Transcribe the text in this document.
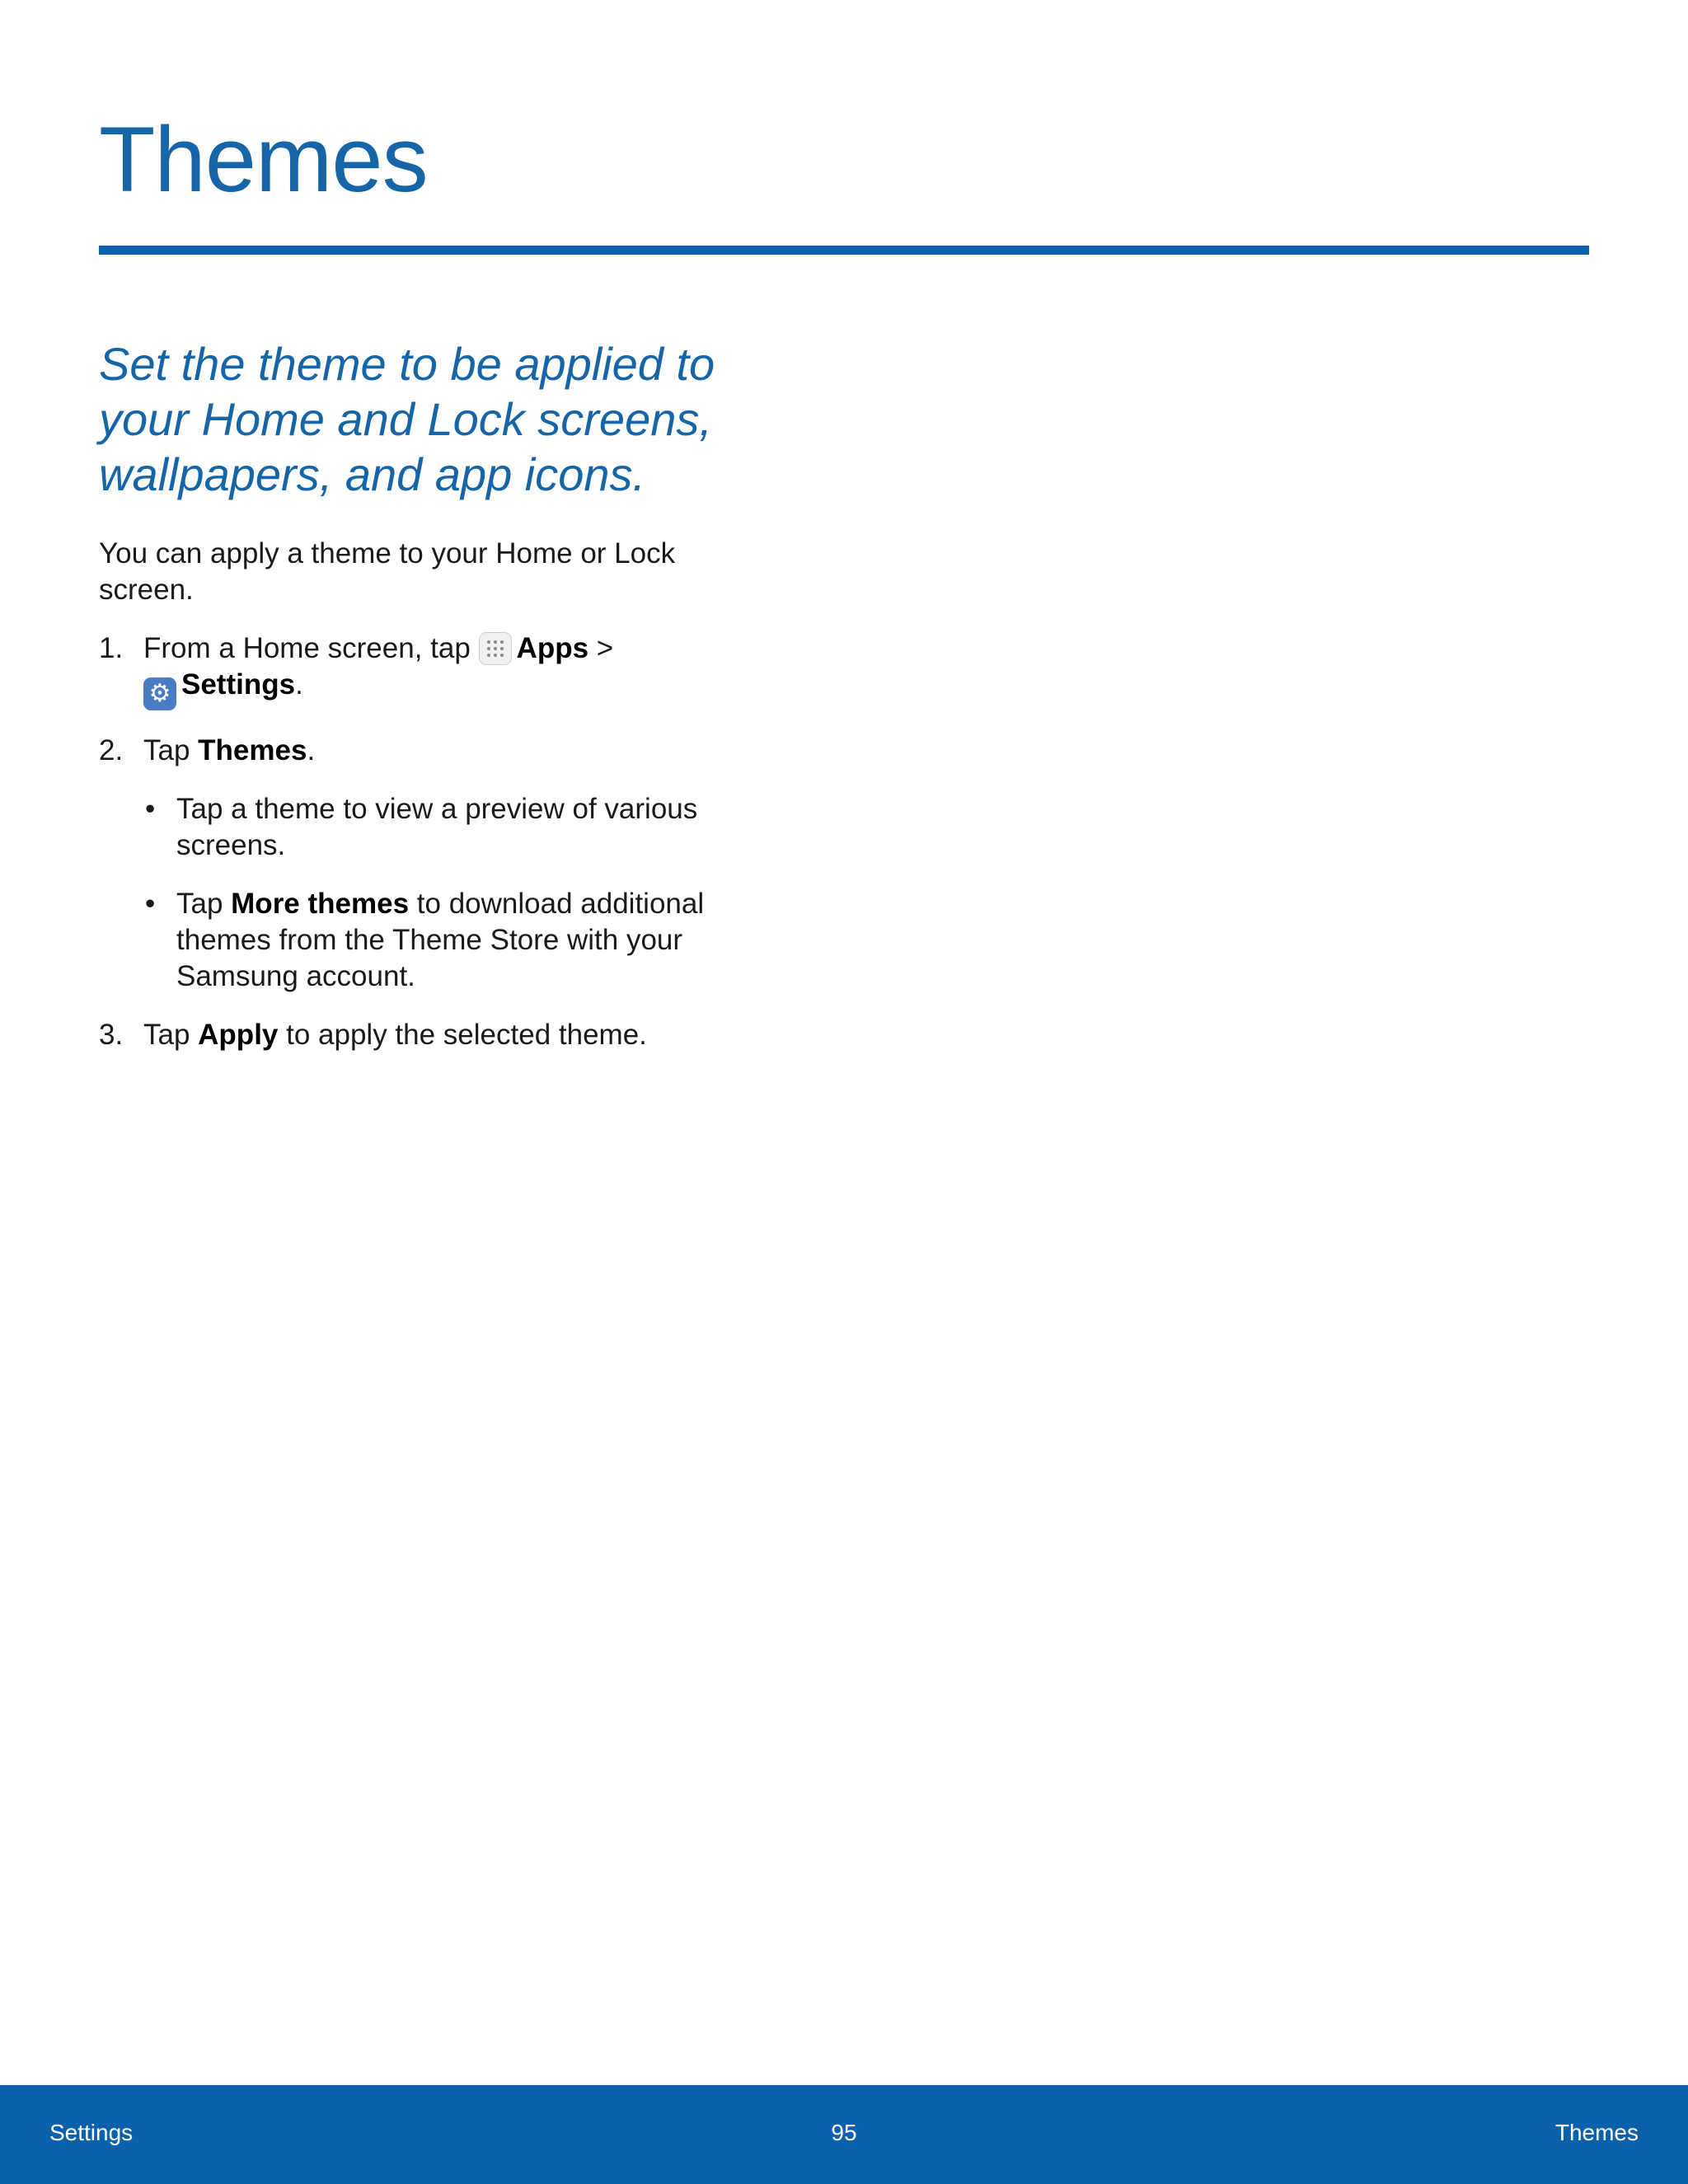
Themes
Set the theme to be applied to your Home and Lock screens, wallpapers, and app icons.

You can apply a theme to your Home or Lock screen.

1. From a Home screen, tap
Apps >
⚙ Settings.
2. Tap Themes.
• Tap a theme to view a preview of various screens.
• Tap More themes to download additional themes from the Theme Store with your Samsung account.
3. Tap Apply to apply the selected theme.
Settings	95	Themes
